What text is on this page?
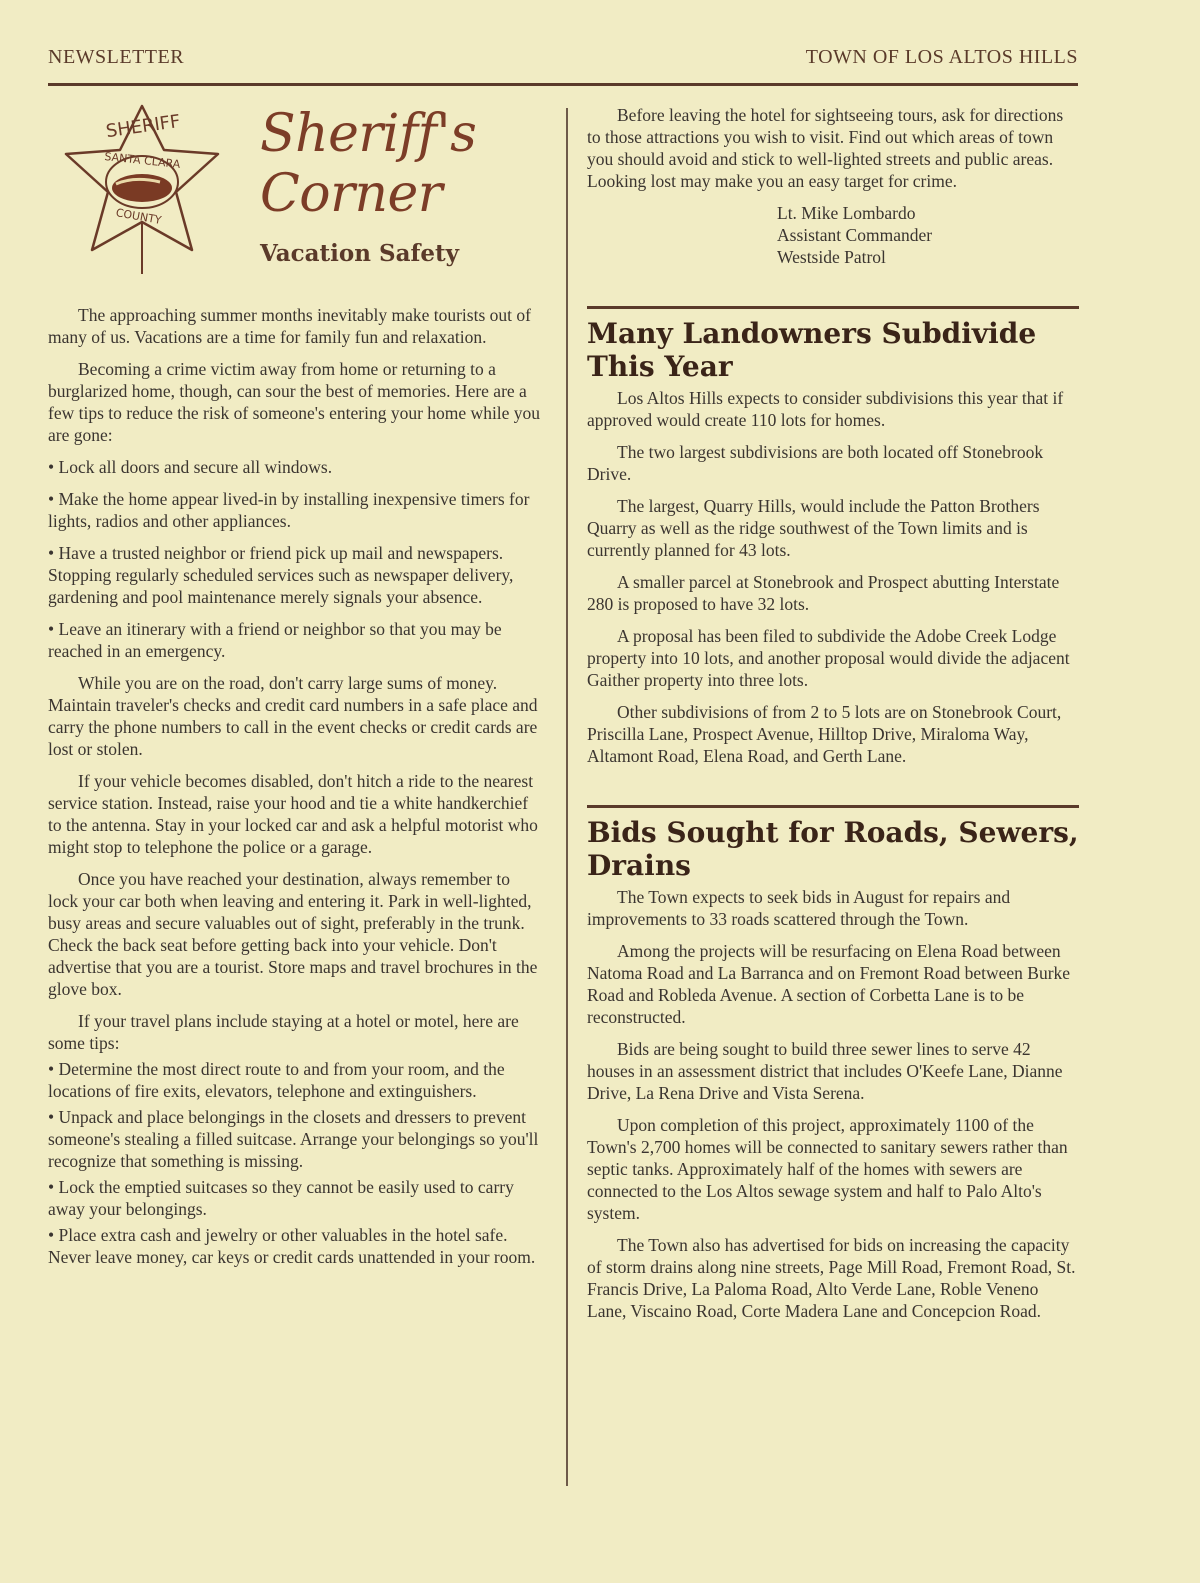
NEWSLETTER	TOWN OF LOS ALTOS HILLS
SHERIFF
SANTA CLARA
COUNTY
Sheriff's
Corner
Vacation Safety

The approaching summer months inevitably make tourists out of many of us. Vacations are a time for family fun and relaxation.

Becoming a crime victim away from home or returning to a burglarized home, though, can sour the best of memories. Here are a few tips to reduce the risk of someone's entering your home while you are gone:

• Lock all doors and secure all windows.

• Make the home appear lived-in by installing inexpensive timers for lights, radios and other appliances.

• Have a trusted neighbor or friend pick up mail and newspapers. Stopping regularly scheduled services such as newspaper delivery, gardening and pool maintenance merely signals your absence.

• Leave an itinerary with a friend or neighbor so that you may be reached in an emergency.

While you are on the road, don't carry large sums of money. Maintain traveler's checks and credit card numbers in a safe place and carry the phone numbers to call in the event checks or credit cards are lost or stolen.

If your vehicle becomes disabled, don't hitch a ride to the nearest service station. Instead, raise your hood and tie a white handkerchief to the antenna. Stay in your locked car and ask a helpful motorist who might stop to telephone the police or a garage.

Once you have reached your destination, always remember to lock your car both when leaving and entering it. Park in well-lighted, busy areas and secure valuables out of sight, preferably in the trunk. Check the back seat before getting back into your vehicle. Don't advertise that you are a tourist. Store maps and travel brochures in the glove box.

If your travel plans include staying at a hotel or motel, here are some tips:

• Determine the most direct route to and from your room, and the locations of fire exits, elevators, telephone and extinguishers.

• Unpack and place belongings in the closets and dressers to prevent someone's stealing a filled suitcase. Arrange your belongings so you'll recognize that something is missing.

• Lock the emptied suitcases so they cannot be easily used to carry away your belongings.

• Place extra cash and jewelry or other valuables in the hotel safe. Never leave money, car keys or credit cards unattended in your room.

Before leaving the hotel for sightseeing tours, ask for directions to those attractions you wish to visit. Find out which areas of town you should avoid and stick to well-lighted streets and public areas. Looking lost may make you an easy target for crime.

Lt. Mike Lombardo
Assistant Commander
Westside Patrol
Many Landowners Subdivide This Year

Los Altos Hills expects to consider subdivisions this year that if approved would create 110 lots for homes.

The two largest subdivisions are both located off Stonebrook Drive.

The largest, Quarry Hills, would include the Patton Brothers Quarry as well as the ridge southwest of the Town limits and is currently planned for 43 lots.

A smaller parcel at Stonebrook and Prospect abutting Interstate 280 is proposed to have 32 lots.

A proposal has been filed to subdivide the Adobe Creek Lodge property into 10 lots, and another proposal would divide the adjacent Gaither property into three lots.

Other subdivisions of from 2 to 5 lots are on Stonebrook Court, Priscilla Lane, Prospect Avenue, Hilltop Drive, Miraloma Way, Altamont Road, Elena Road, and Gerth Lane.

Bids Sought for Roads, Sewers, Drains

The Town expects to seek bids in August for repairs and improvements to 33 roads scattered through the Town.

Among the projects will be resurfacing on Elena Road between Natoma Road and La Barranca and on Fremont Road between Burke Road and Robleda Avenue. A section of Corbetta Lane is to be reconstructed.

Bids are being sought to build three sewer lines to serve 42 houses in an assessment district that includes O'Keefe Lane, Dianne Drive, La Rena Drive and Vista Serena.

Upon completion of this project, approximately 1100 of the Town's 2,700 homes will be connected to sanitary sewers rather than septic tanks. Approximately half of the homes with sewers are connected to the Los Altos sewage system and half to Palo Alto's system.

The Town also has advertised for bids on increasing the capacity of storm drains along nine streets, Page Mill Road, Fremont Road, St. Francis Drive, La Paloma Road, Alto Verde Lane, Roble Veneno Lane, Viscaino Road, Corte Madera Lane and Concepcion Road.
